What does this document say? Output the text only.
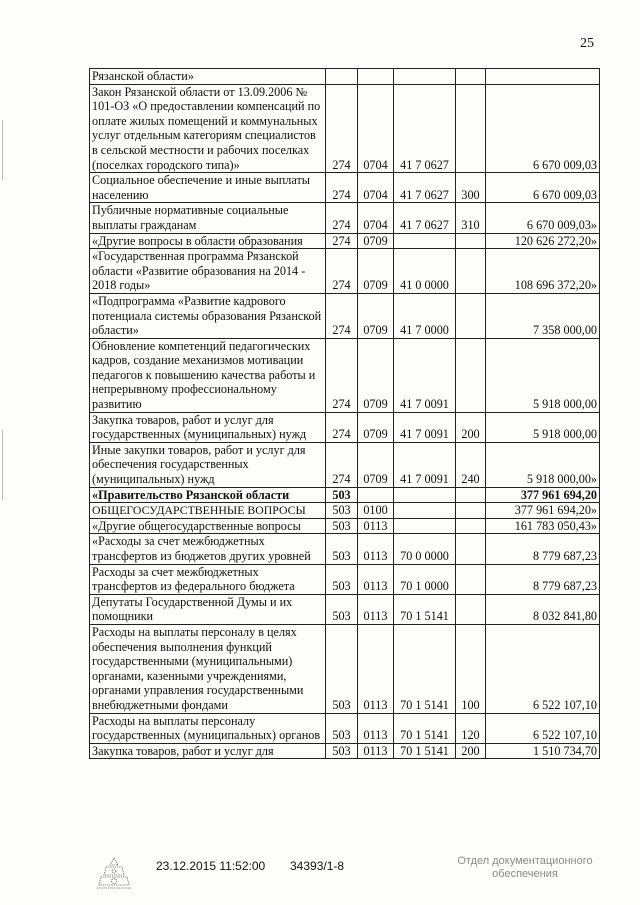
25
Рязанской области»					
Закон Рязанской области от 13.09.2006 № 101-ОЗ «О предоставлении компенсаций по оплате жилых помещений и коммунальных услуг отдельным категориям специалистов в сельской местности и рабочих поселках (поселках городского типа)»	274	0704	41 7 0627		6 670 009,03
Социальное обеспечение и иные выплаты населению	274	0704	41 7 0627	300	6 670 009,03
Публичные нормативные социальные выплаты гражданам	274	0704	41 7 0627	310	6 670 009,03»
«Другие вопросы в области образования	274	0709			120 626 272,20»
«Государственная программа Рязанской области «Развитие образования на 2014 - 2018 годы»	274	0709	41 0 0000		108 696 372,20»
«Подпрограмма «Развитие кадрового потенциала системы образования Рязанской области»	274	0709	41 7 0000		7 358 000,00
Обновление компетенций педагогических кадров, создание механизмов мотивации педагогов к повышению качества работы и непрерывному профессиональному развитию	274	0709	41 7 0091		5 918 000,00
Закупка товаров, работ и услуг для государственных (муниципальных) нужд	274	0709	41 7 0091	200	5 918 000,00
Иные закупки товаров, работ и услуг для обеспечения государственных (муниципальных) нужд	274	0709	41 7 0091	240	5 918 000,00»
«Правительство Рязанской области	503				377 961 694,20
ОБЩЕГОСУДАРСТВЕННЫЕ ВОПРОСЫ	503	0100			377 961 694,20»
«Другие общегосударственные вопросы	503	0113			161 783 050,43»
«Расходы за счет межбюджетных трансфертов из бюджетов других уровней	503	0113	70 0 0000		8 779 687,23
Расходы за счет межбюджетных трансфертов из федерального бюджета	503	0113	70 1 0000		8 779 687,23
Депутаты Государственной Думы и их помощники	503	0113	70 1 5141		8 032 841,80
Расходы на выплаты персоналу в целях обеспечения выполнения функций государственными (муниципальными) органами, казенными учреждениями, органами управления государственными внебюджетными фондами	503	0113	70 1 5141	100	6 522 107,10
Расходы на выплаты персоналу государственных (муниципальных) органов	503	0113	70 1 5141	120	6 522 107,10
Закупка товаров, работ и услуг для	503	0113	70 1 5141	200	1 510 734,70
23.12.2015 11:52:00 34393/1-8	Отдел документационного обеспечения
